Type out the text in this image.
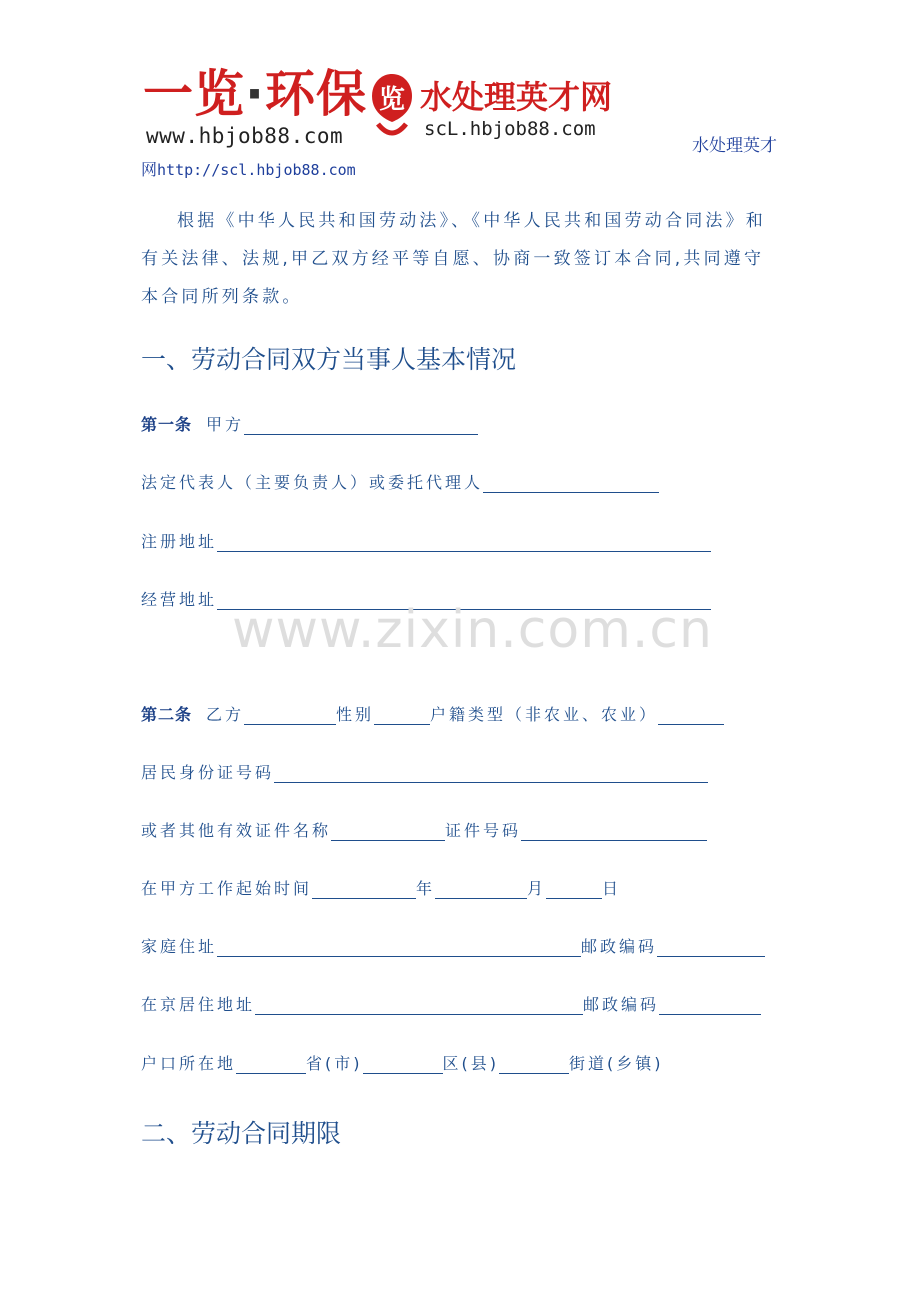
一览·环保 览
www.hbjob88.com
水处理英才网
scL.hbjob88.com
水处理英才
网http://scl.hbjob88.com
根据《中华人民共和国劳动法》、《中华人民共和国劳动合同法》和有关法律、法规,甲乙双方经平等自愿、协商一致签订本合同,共同遵守本合同所列条款。
一、劳动合同双方当事人基本情况
第一条 甲方
法定代表人（主要负责人）或委托代理人
注册地址
经营地址
www.zixin.com.cn
第二条 乙方	性别	户籍类型（非农业、农业）
居民身份证号码
或者其他有效证件名称	证件号码
在甲方工作起始时间	年	月	日
家庭住址	邮政编码
在京居住地址	邮政编码
户口所在地	省(市)	区(县)	街道(乡镇)
二、劳动合同期限
